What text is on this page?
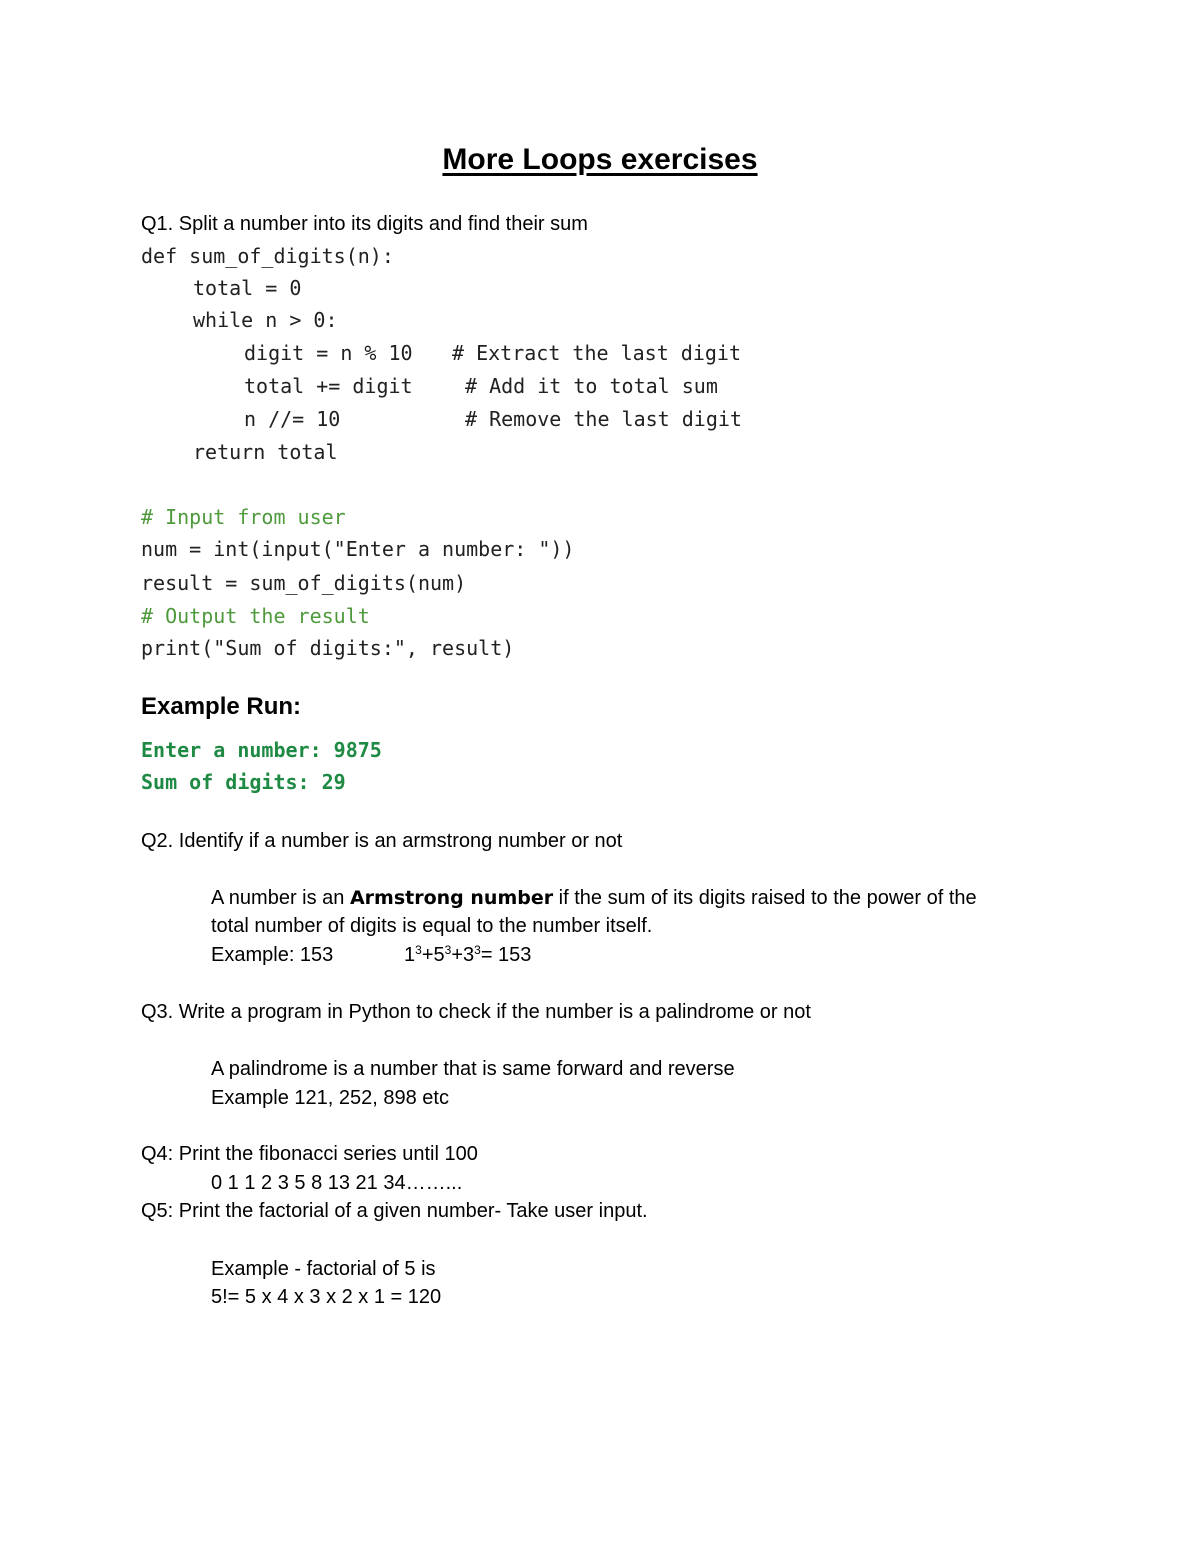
More Loops exercises
Q1. Split a number into its digits and find their sum
def sum_of_digits(n):
total = 0
while n > 0:
digit = n % 10 # Extract the last digit
total += digit	# Add it to total sum
n //= 10	# Remove the last digit
return total
# Input from user
num = int(input("Enter a number: "))
result = sum_of_digits(num)
# Output the result
print("Sum of digits:", result)
Example Run:
Enter a number: 9875
Sum of digits: 29
Q2. Identify if a number is an armstrong number or not
A number is an Armstrong number if the sum of its digits raised to the power of the
total number of digits is equal to the number itself.
Example: 153	$1^3+5^3+3^3= 153$
Q3. Write a program in Python to check if the number is a palindrome or not
A palindrome is a number that is same forward and reverse
Example 121, 252, 898 etc
Q4: Print the fibonacci series until 100
0 1 1 2 3 5 8 13 21 34……...
Q5: Print the factorial of a given number- Take user input.
Example - factorial of 5 is
5!= 5 x 4 x 3 x 2 x 1 = 120
